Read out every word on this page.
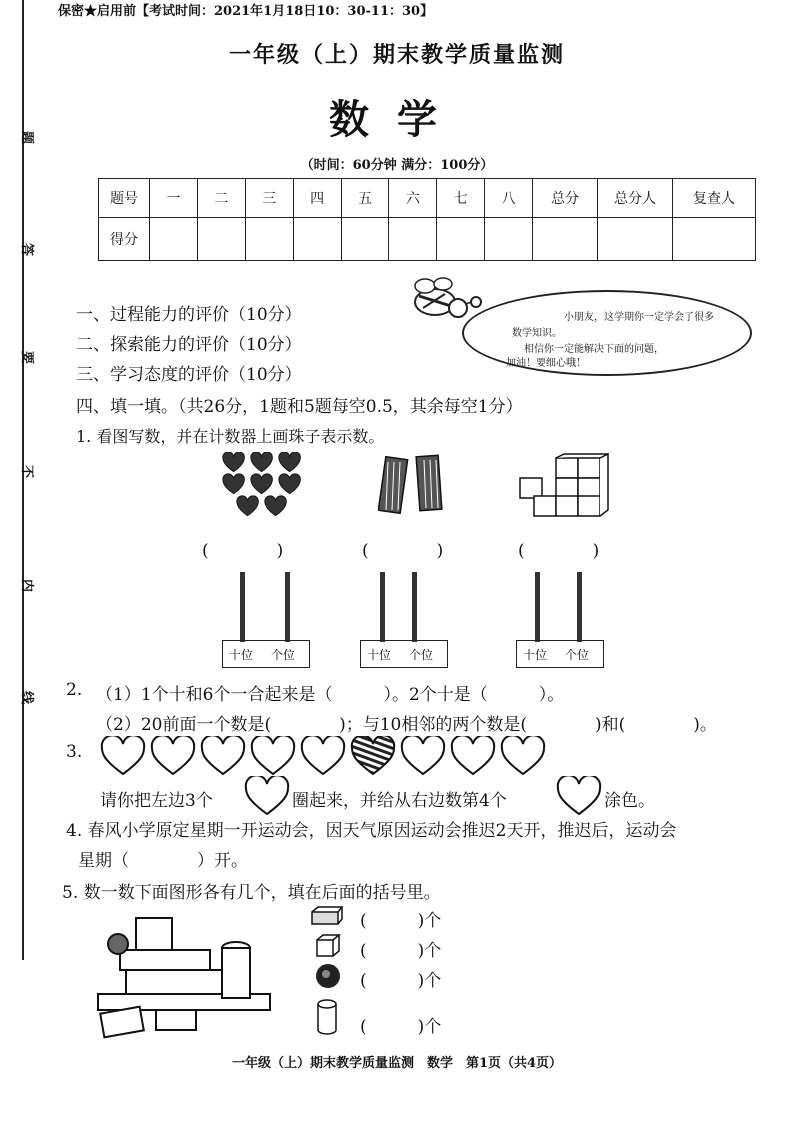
题
答
要
不
内
线
保密★启用前【考试时间：2021年1月18日10：30-11：30】
一年级（上）期末教学质量监测
数学
（时间：60分钟 满分：100分）
题号	一	二	三	四	五	六	七	八	总分	总分人	复查人
得分											
一、过程能力的评价（10分）
二、探索能力的评价（10分）
三、学习态度的评价（10分）
四、填一填。（共26分，1题和5题每空0.5，其余每空1分）
小朋友，这学期你一定学会了很多
数学知识。
相信你一定能解决下面的问题，
加油！要细心哦！
1. 看图写数，并在计数器上画珠子表示数。
(　　　　)	(　　　　)	(　　　　)
十位 个位	十位 个位	十位 个位
2. （1）1个十和6个一合起来是（　　　）。2个十是（　　　）。
（2）20前面一个数是(　　　　)；与10相邻的两个数是(　　　　)和(　　　　)。
3.
请你把左边3个	圈起来，并给从右边数第4个	涂色。
4. 春风小学原定星期一开运动会，因天气原因运动会推迟2天开，推迟后，运动会
星期（　　　　）开。
5. 数一数下面图形各有几个，填在后面的括号里。
(　　　)个
(　　　)个
(　　　)个
(　　　)个
一年级（上）期末教学质量监测　数学　第1页（共4页）
